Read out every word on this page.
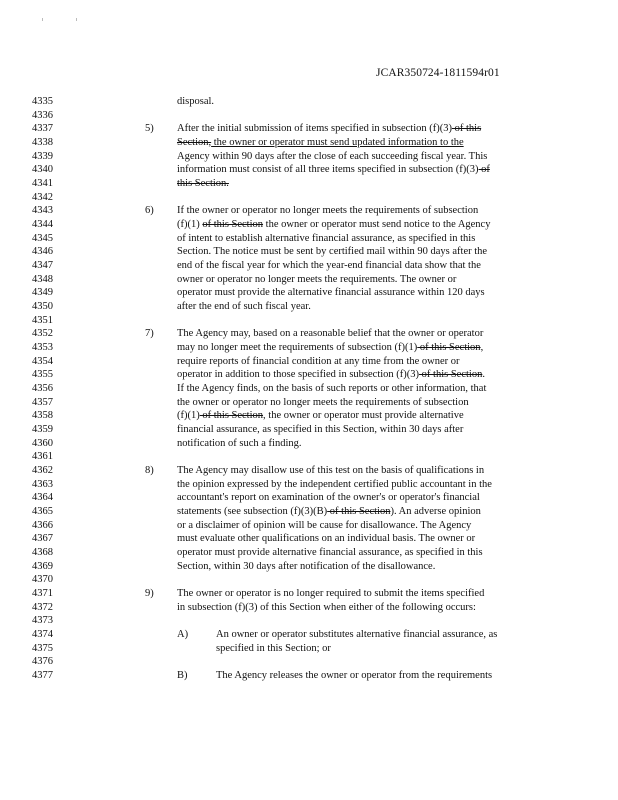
JCAR350724-1811594r01
4335
4336
4337
4338
4339
4340
4341
4342
4343
4344
4345
4346
4347
4348
4349
4350
4351
4352
4353
4354
4355
4356
4357
4358
4359
4360
4361
4362
4363
4364
4365
4366
4367
4368
4369
4370
4371
4372
4373
4374
4375
4376
4377
disposal.
5) After the initial submission of items specified in subsection (f)(3) of this
Section, the owner or operator must send updated information to the
Agency within 90 days after the close of each succeeding fiscal year. This
information must consist of all three items specified in subsection (f)(3) of
this Section.
6) If the owner or operator no longer meets the requirements of subsection
(f)(1) of this Section the owner or operator must send notice to the Agency
of intent to establish alternative financial assurance, as specified in this
Section. The notice must be sent by certified mail within 90 days after the
end of the fiscal year for which the year-end financial data show that the
owner or operator no longer meets the requirements. The owner or
operator must provide the alternative financial assurance within 120 days
after the end of such fiscal year.
7) The Agency may, based on a reasonable belief that the owner or operator
may no longer meet the requirements of subsection (f)(1) of this Section,
require reports of financial condition at any time from the owner or
operator in addition to those specified in subsection (f)(3) of this Section.
If the Agency finds, on the basis of such reports or other information, that
the owner or operator no longer meets the requirements of subsection
(f)(1) of this Section, the owner or operator must provide alternative
financial assurance, as specified in this Section, within 30 days after
notification of such a finding.
8) The Agency may disallow use of this test on the basis of qualifications in
the opinion expressed by the independent certified public accountant in the
accountant's report on examination of the owner's or operator's financial
statements (see subsection (f)(3)(B) of this Section). An adverse opinion
or a disclaimer of opinion will be cause for disallowance. The Agency
must evaluate other qualifications on an individual basis. The owner or
operator must provide alternative financial assurance, as specified in this
Section, within 30 days after notification of the disallowance.
9) The owner or operator is no longer required to submit the items specified
in subsection (f)(3) of this Section when either of the following occurs:
A)	An owner or operator substitutes alternative financial assurance, as
specified in this Section; or
B)	The Agency releases the owner or operator from the requirements
